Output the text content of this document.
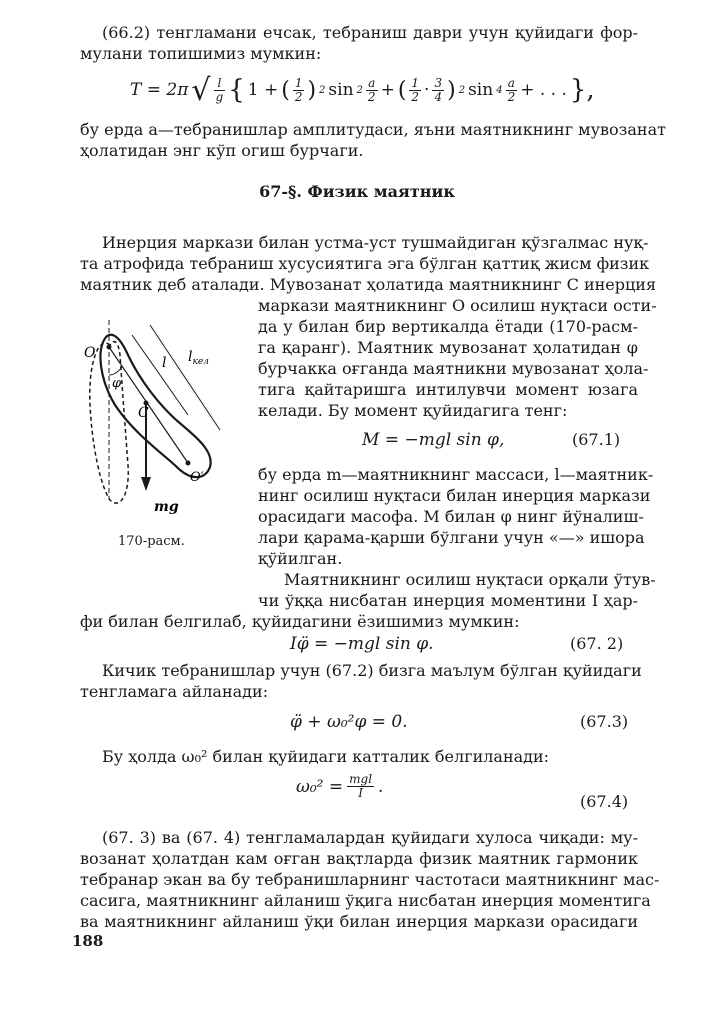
(66.2) тенгламани ечсак, тебраниш даври учун қуйидаги фор-
мулани топишимиз мумкин:
T = 2π √ $\frac{l}{g}$ { 1 + ( $\frac{1}{2}$ ) 2 $\sin 2 \frac{a}{2}$ + ( $\frac{1}{2} \cdot \frac{3}{4}$ ) 2 $\sin 4 \frac{a}{2}$ + . . . },
бу ерда a—тебранишлар амплитудаси, яъни маятникнинг мувозанат
ҳолатидан энг кўп огиш бурчаги.
67-§. Физик маятник
Инерция маркази билан устма-уст тушмайдиган қўзгалмас нуқ-
та атрофида тебраниш хусусиятига эга бўлган қаттиқ жисм физик
маятник деб аталади. Мувозанат ҳолатида маятникнинг C инерция
маркази маятникнинг O осилиш нуқтаси ости-
да у билан бир вертикалда ётади (170-расм-
га қаранг). Маятник мувозанат ҳолатидан φ
бурчакка оғганда маятникни мувозанат ҳола-
тига қайтаришга интилувчи момент юзага
келади. Бу момент қуйидагига тенг:
M = −mgl sin φ,	(67.1)
бу ерда m—маятникнинг массаси, l—маятник-
нинг осилиш нуқтаси билан инерция маркази
орасидаги масофа. M билан φ нинг йўналиш-
лари қарама-қарши бўлгани учун «—» ишора
қўйилган.
Маятникнинг осилиш нуқтаси орқали ўтув-
чи ўққа нисбатан инерция моментини I ҳар-
фи билан белгилаб, қуйидагини ёзишимиз мумкин:
Iφ̈ = −mgl sin φ.	(67. 2)
Кичик тебранишлар учун (67.2) бизга маълум бўлган қуйидаги
тенгламага айланади:
φ̈ + ω₀²φ = 0.	(67.3)
Бу ҳолда ω₀² билан қуйидаги катталик белгиланади:
$\omega_0^2 = \frac{\text{mgl}}{I}$ .
(67.4)
(67. 3) ва (67. 4) тенгламалардан қуйидаги хулоса чиқади: му-
возанат ҳолатдан кам оғган вақтларда физик маятник гармоник
тебранар экан ва бу тебранишларнинг частотаси маятникнинг мас-
сасига, маятникнинг айланиш ўқига нисбатан инерция моментига
ва маятникнинг айланиш ўқи билан инерция маркази орасидаги
O
φ
C
l $l_{кел}$
O′
mg
170-расм.
188
